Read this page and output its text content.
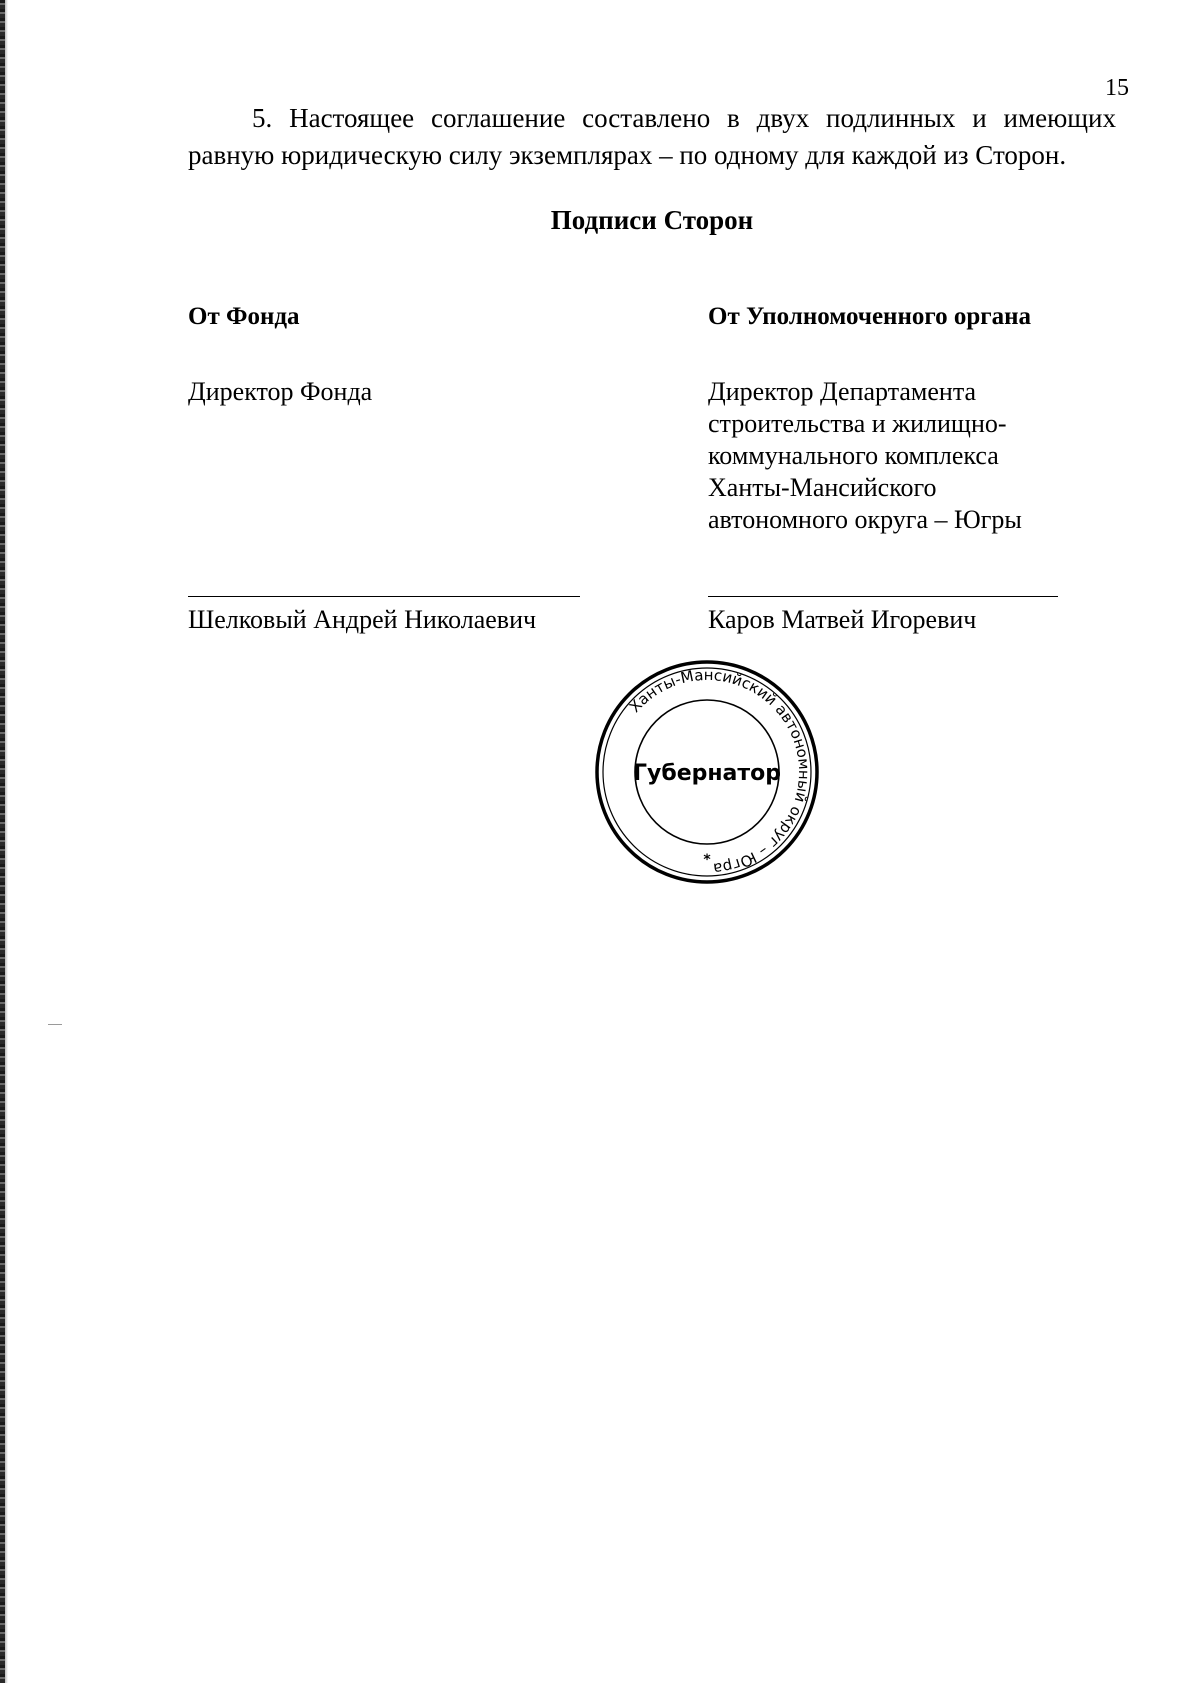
15

5. Настоящее соглашение составлено в двух подлинных и имеющих равную юридическую силу экземплярах – по одному для каждой из Сторон.

Подписи Сторон
От Фонда
Директор Фонда
От Уполномоченного органа
Директор Департамента
строительства и жилищно-
коммунального комплекса
Ханты-Мансийского
автономного округа – Югры
Шелковый Андрей Николаевич	Каров Матвей Игоревич
Ханты-Мансийский автономный округ – Югра
Губернатор
*
